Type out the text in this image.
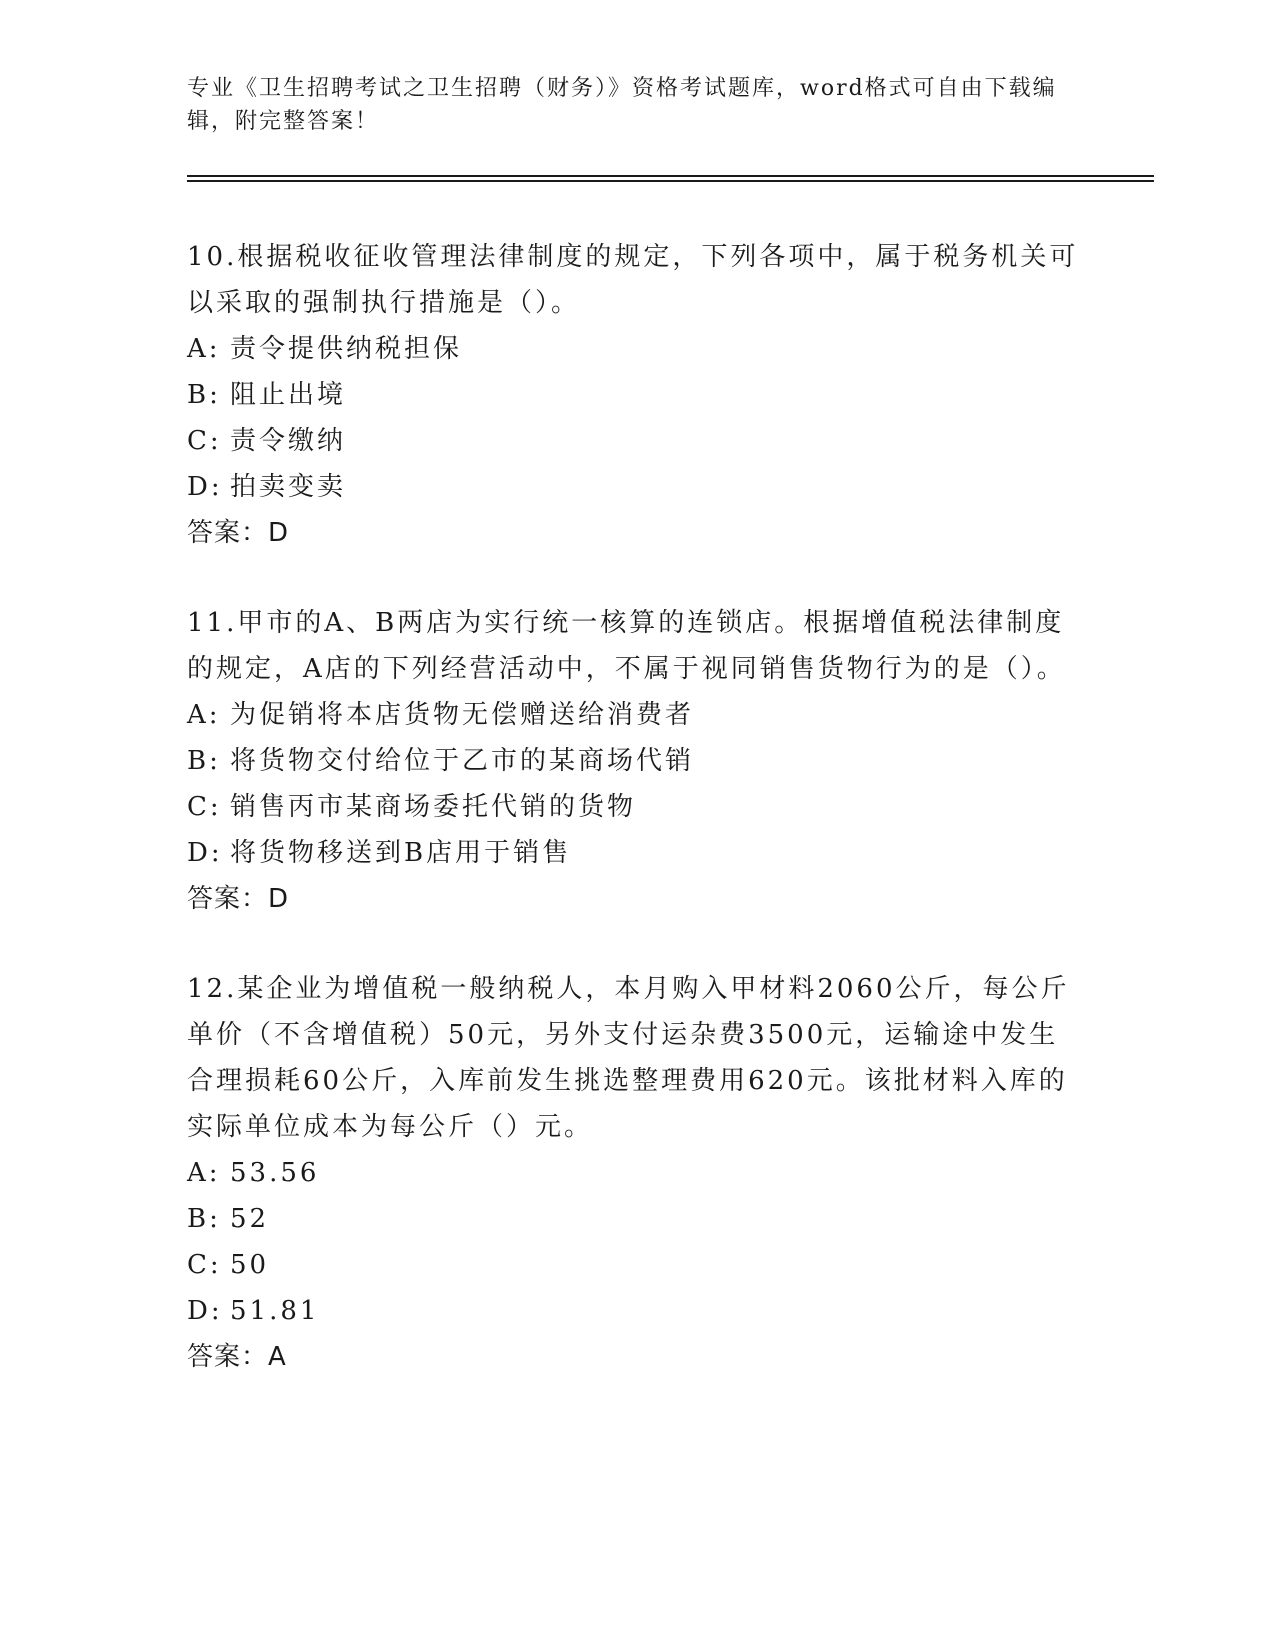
专业《卫生招聘考试之卫生招聘（财务）》资格考试题库，word格式可自由下载编辑，附完整答案！

10.根据税收征收管理法律制度的规定，下列各项中，属于税务机关可以采取的强制执行措施是（）。

A: 责令提供纳税担保

B: 阻止出境

C: 责令缴纳

D: 拍卖变卖

答案：D

11.甲市的A、B两店为实行统一核算的连锁店。根据增值税法律制度的规定，A店的下列经营活动中，不属于视同销售货物行为的是（）。

A: 为促销将本店货物无偿赠送给消费者

B: 将货物交付给位于乙市的某商场代销

C: 销售丙市某商场委托代销的货物

D: 将货物移送到B店用于销售

答案：D

12.某企业为增值税一般纳税人，本月购入甲材料2060公斤，每公斤单价（不含增值税）50元，另外支付运杂费3500元，运输途中发生合理损耗60公斤，入库前发生挑选整理费用620元。该批材料入库的实际单位成本为每公斤（）元。

A: 53.56

B: 52

C: 50

D: 51.81

答案：A
